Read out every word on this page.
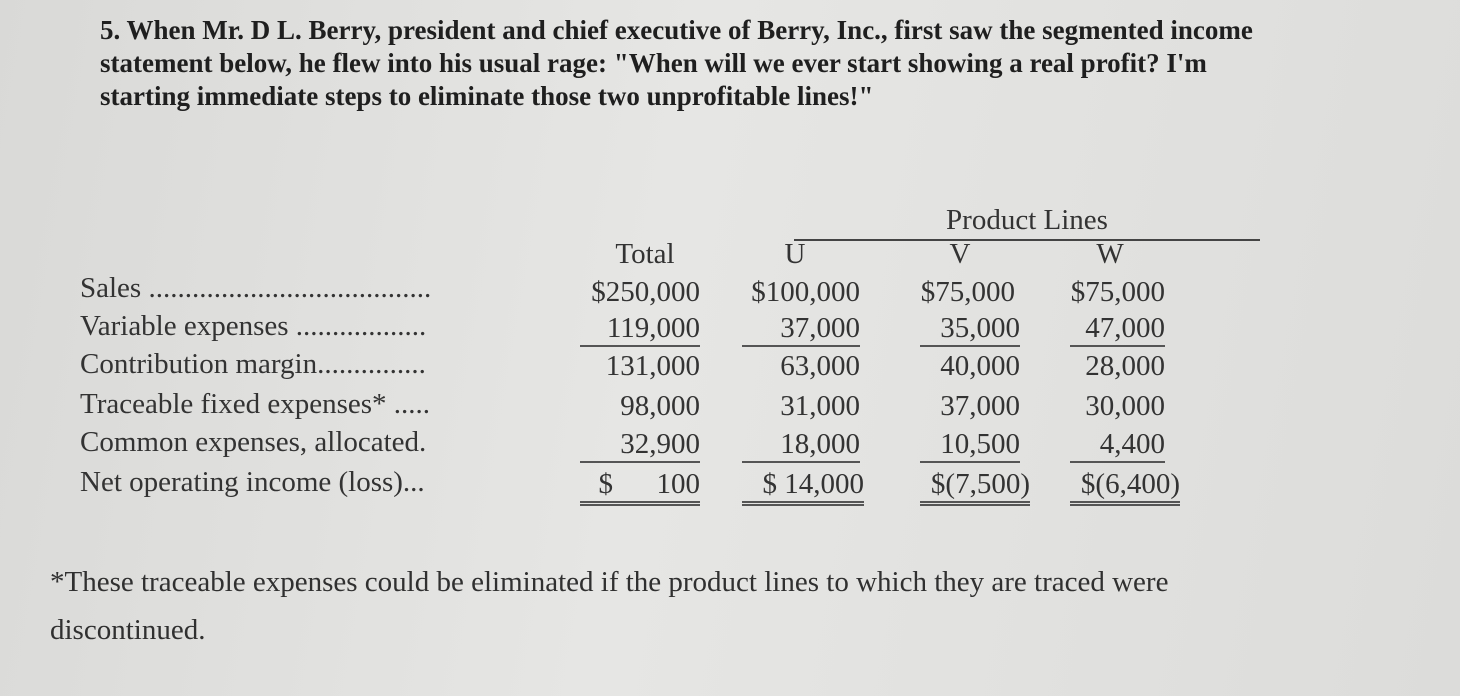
5. When Mr. D L. Berry, president and chief executive of Berry, Inc., first saw the segmented income statement below, he flew into his usual rage: "When will we ever start showing a real profit? I'm starting immediate steps to eliminate those two unprofitable lines!"

Product Lines
Total	U	V	W
Sales .......................................	$250,000	$100,000	$75,000	$75,000
Variable expenses ..................	119,000	37,000	35,000	47,000
Contribution margin...............	131,000	63,000	40,000	28,000
Traceable fixed expenses* .....	98,000	31,000	37,000	30,000
Common expenses, allocated.	32,900	18,000	10,500	4,400
Net operating income (loss)...	$      100	$ 14,000	$(7,500)	$(6,400)

*These traceable expenses could be eliminated if the product lines to which they are traced were discontinued.
